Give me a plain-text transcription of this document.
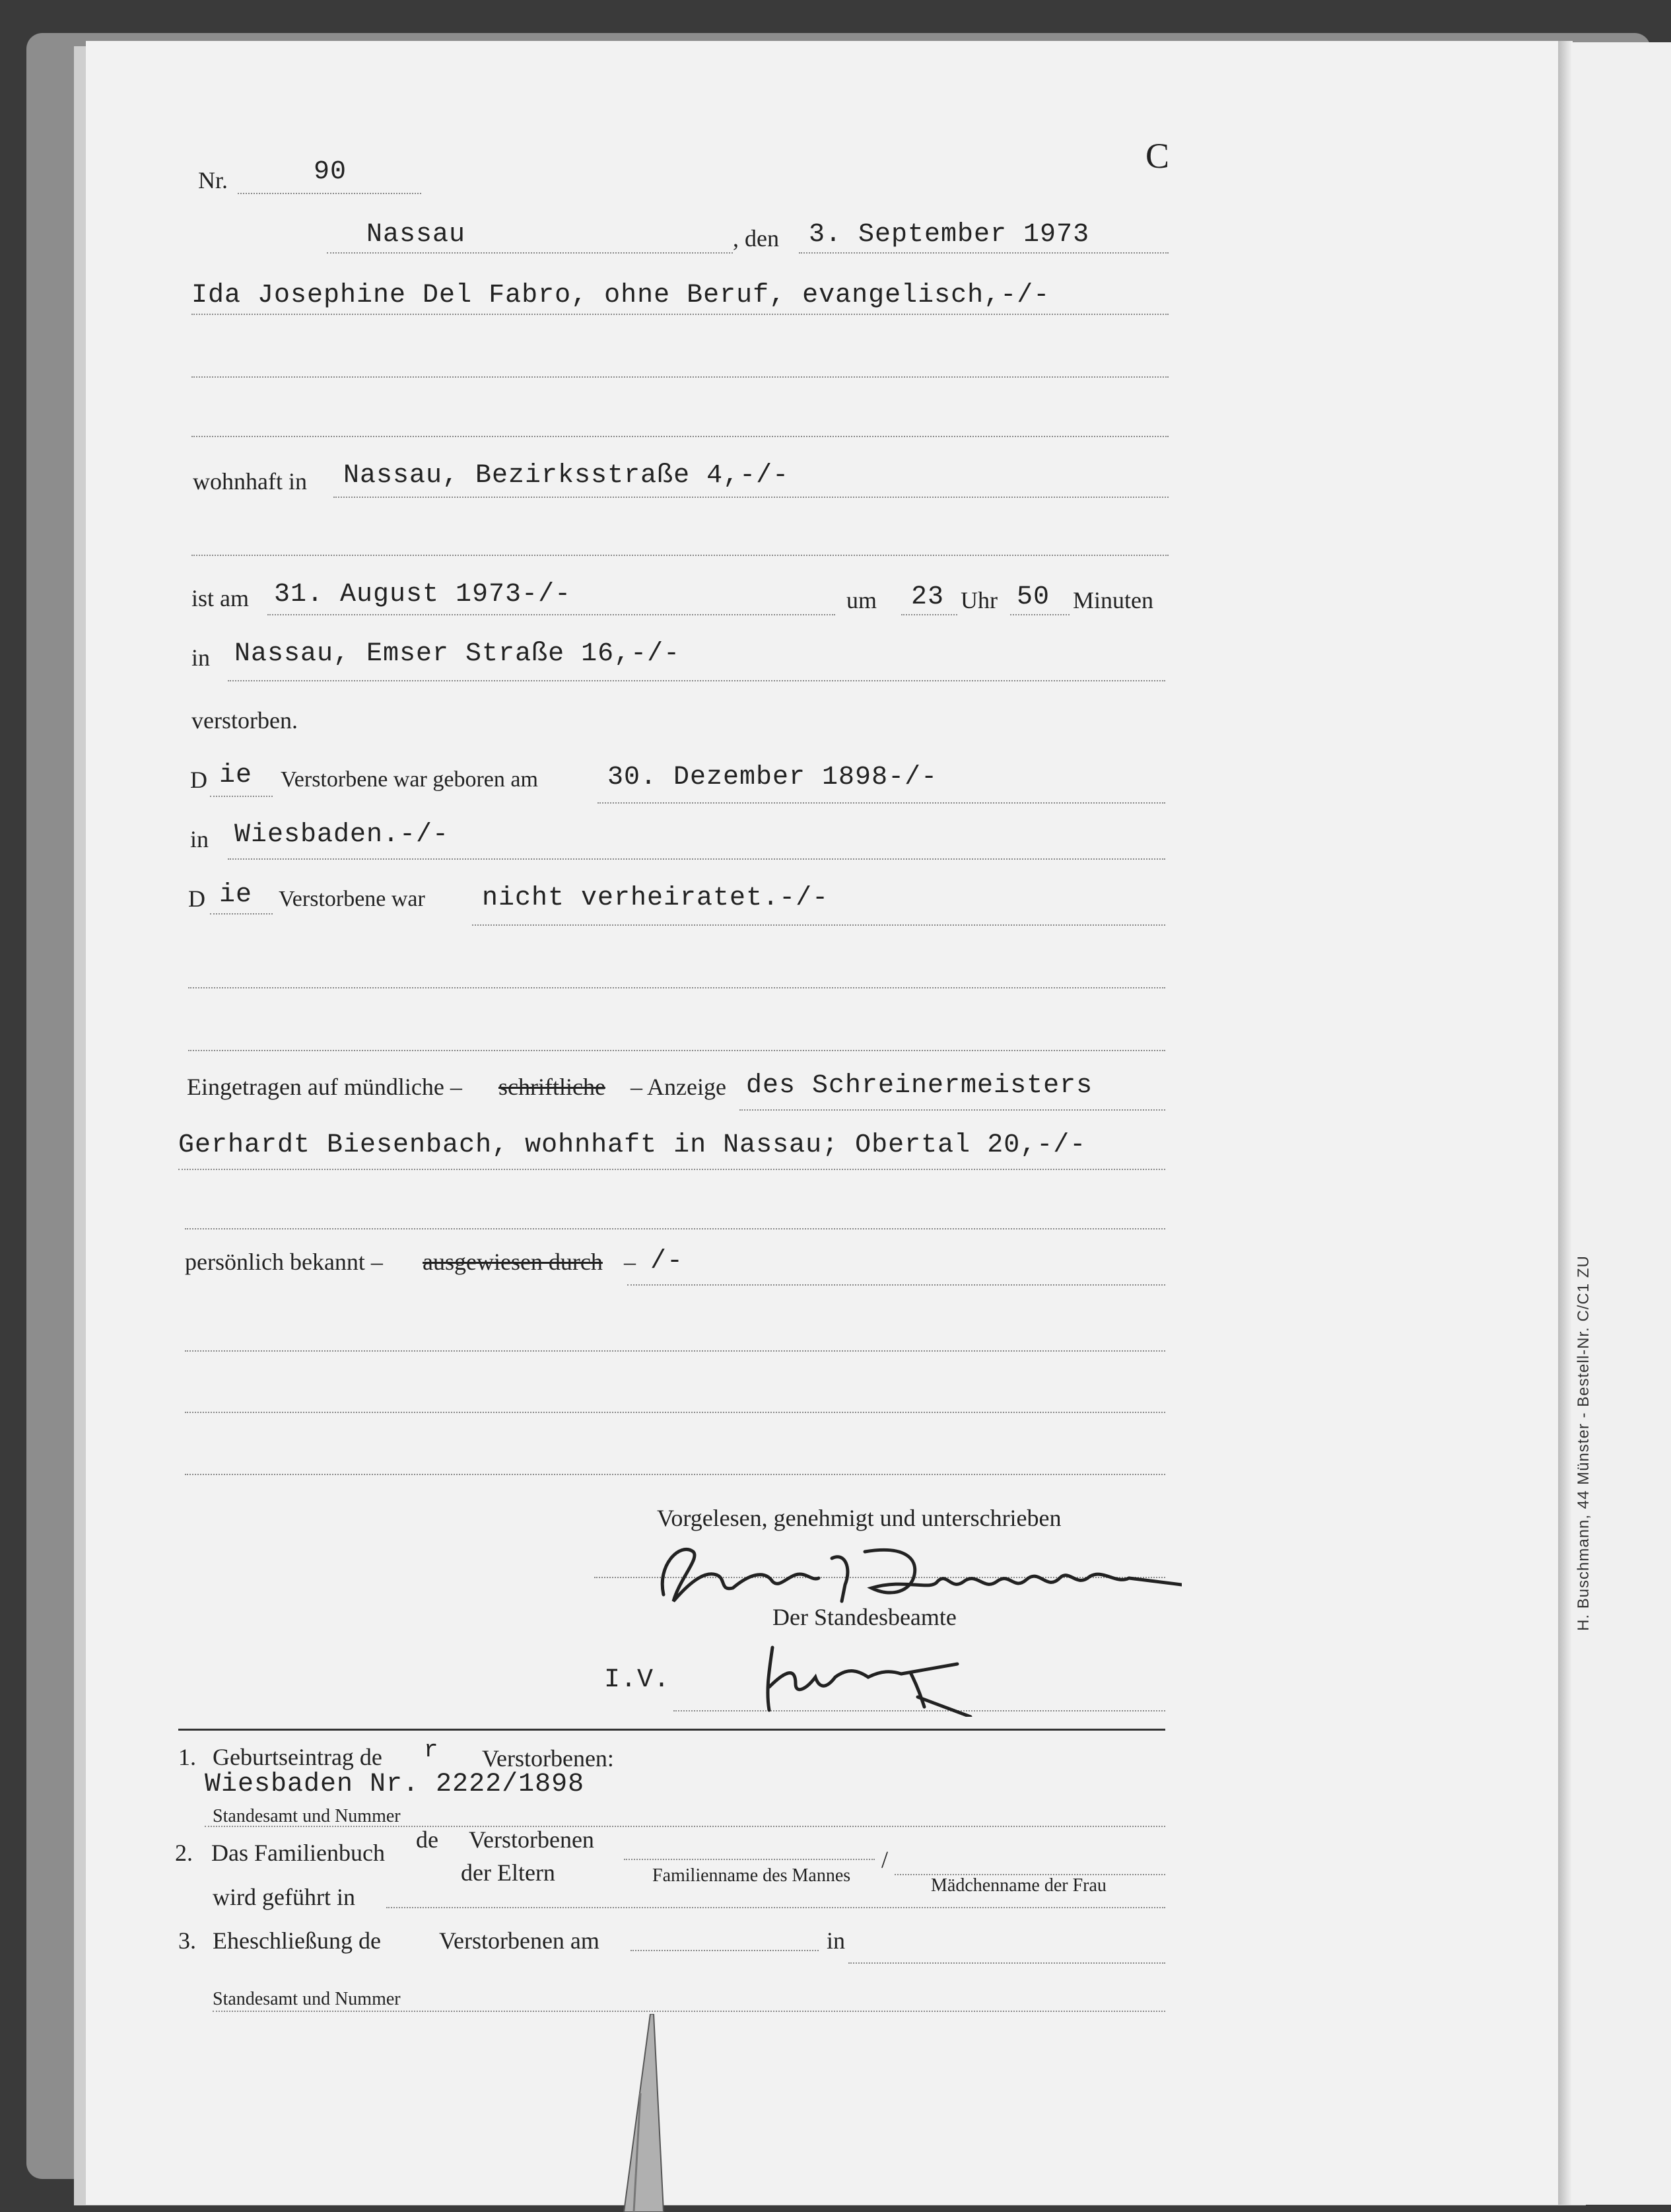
H. Buschmann, 44 Münster - Bestell-Nr. C/C1 ZU
C
Nr.	90
Nassau	, den 3. September 1973
Ida Josephine Del Fabro, ohne Beruf, evangelisch,-/-
wohnhaft in Nassau, Bezirksstraße 4,-/-
ist am 31. August 1973-/-	um 23 Uhr 50 Minuten
in Nassau, Emser Straße 16,-/-
verstorben.
D ie Verstorbene war geboren am	30. Dezember 1898-/-
in Wiesbaden.-/-
D ie Verstorbene war nicht verheiratet.-/-
Eingetragen auf mündliche – schriftliche – Anzeige des Schreinermeisters
Gerhardt Biesenbach, wohnhaft in Nassau; Obertal 20,-/-
persönlich bekannt – ausgewiesen durch – /-
Vorgelesen, genehmigt und unterschrieben
Der Standesbeamte
I.V.
1. Geburtseintrag de r Verstorbenen:
Wiesbaden Nr. 2222/1898
Standesamt und Nummer
2. Das Familienbuch de Verstorbenen
der Eltern	/
Familienname des Mannes	Mädchenname der Frau
wird geführt in
3. Eheschließung de Verstorbenen am	in
Standesamt und Nummer
